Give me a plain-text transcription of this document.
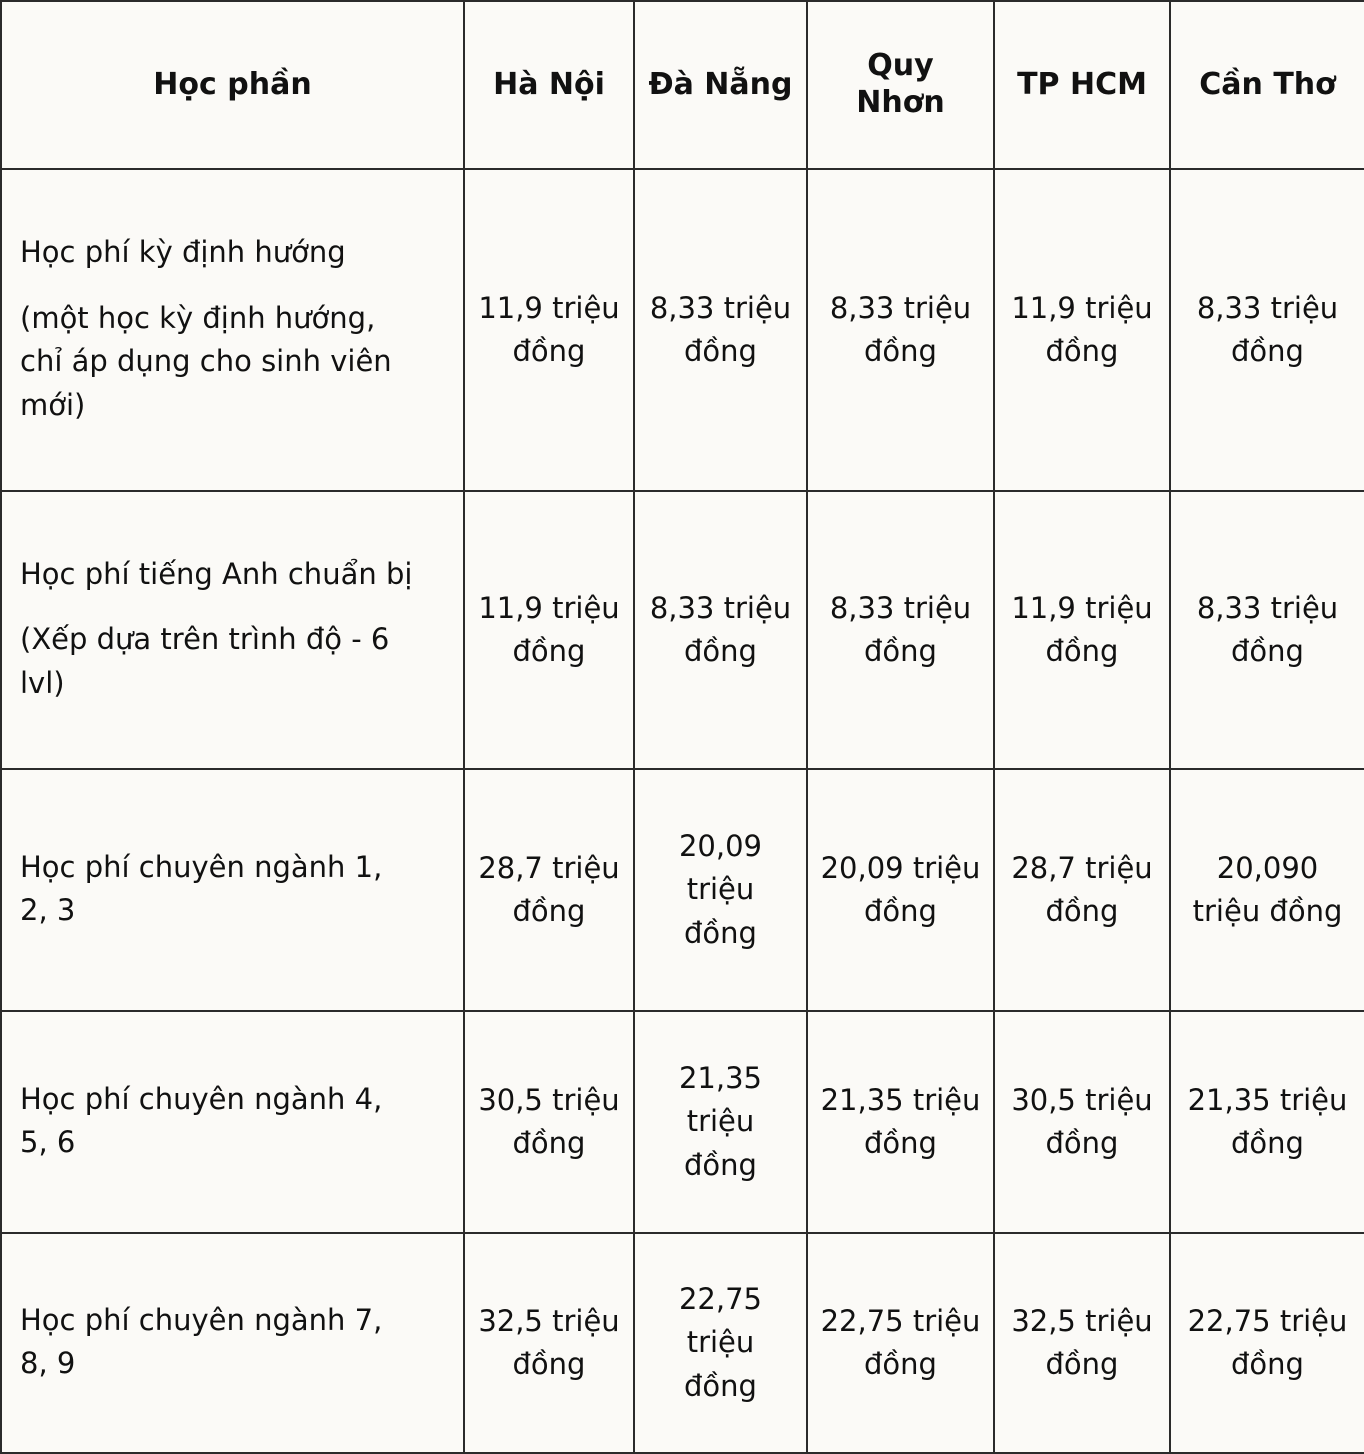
Học phần	Hà Nội	Đà Nẵng	Quy Nhơn	TP HCM	Cần Thơ

Học phí kỳ định hướng
(một học kỳ định hướng,
chỉ áp dụng cho sinh viên
mới)	11,9 triệu đồng	8,33 triệu đồng	8,33 triệu đồng	11,9 triệu đồng	8,33 triệu đồng

Học phí tiếng Anh chuẩn bị
(Xếp dựa trên trình độ - 6
lvl)	11,9 triệu đồng	8,33 triệu đồng	8,33 triệu đồng	11,9 triệu đồng	8,33 triệu đồng

Học phí chuyên ngành 1,
2, 3	28,7 triệu đồng	20,09 triệu đồng	20,09 triệu đồng	28,7 triệu đồng	20,090 triệu đồng

Học phí chuyên ngành 4,
5, 6	30,5 triệu đồng	21,35 triệu đồng	21,35 triệu đồng	30,5 triệu đồng	21,35 triệu đồng

Học phí chuyên ngành 7,
8, 9	32,5 triệu đồng	22,75 triệu đồng	22,75 triệu đồng	32,5 triệu đồng	22,75 triệu đồng
